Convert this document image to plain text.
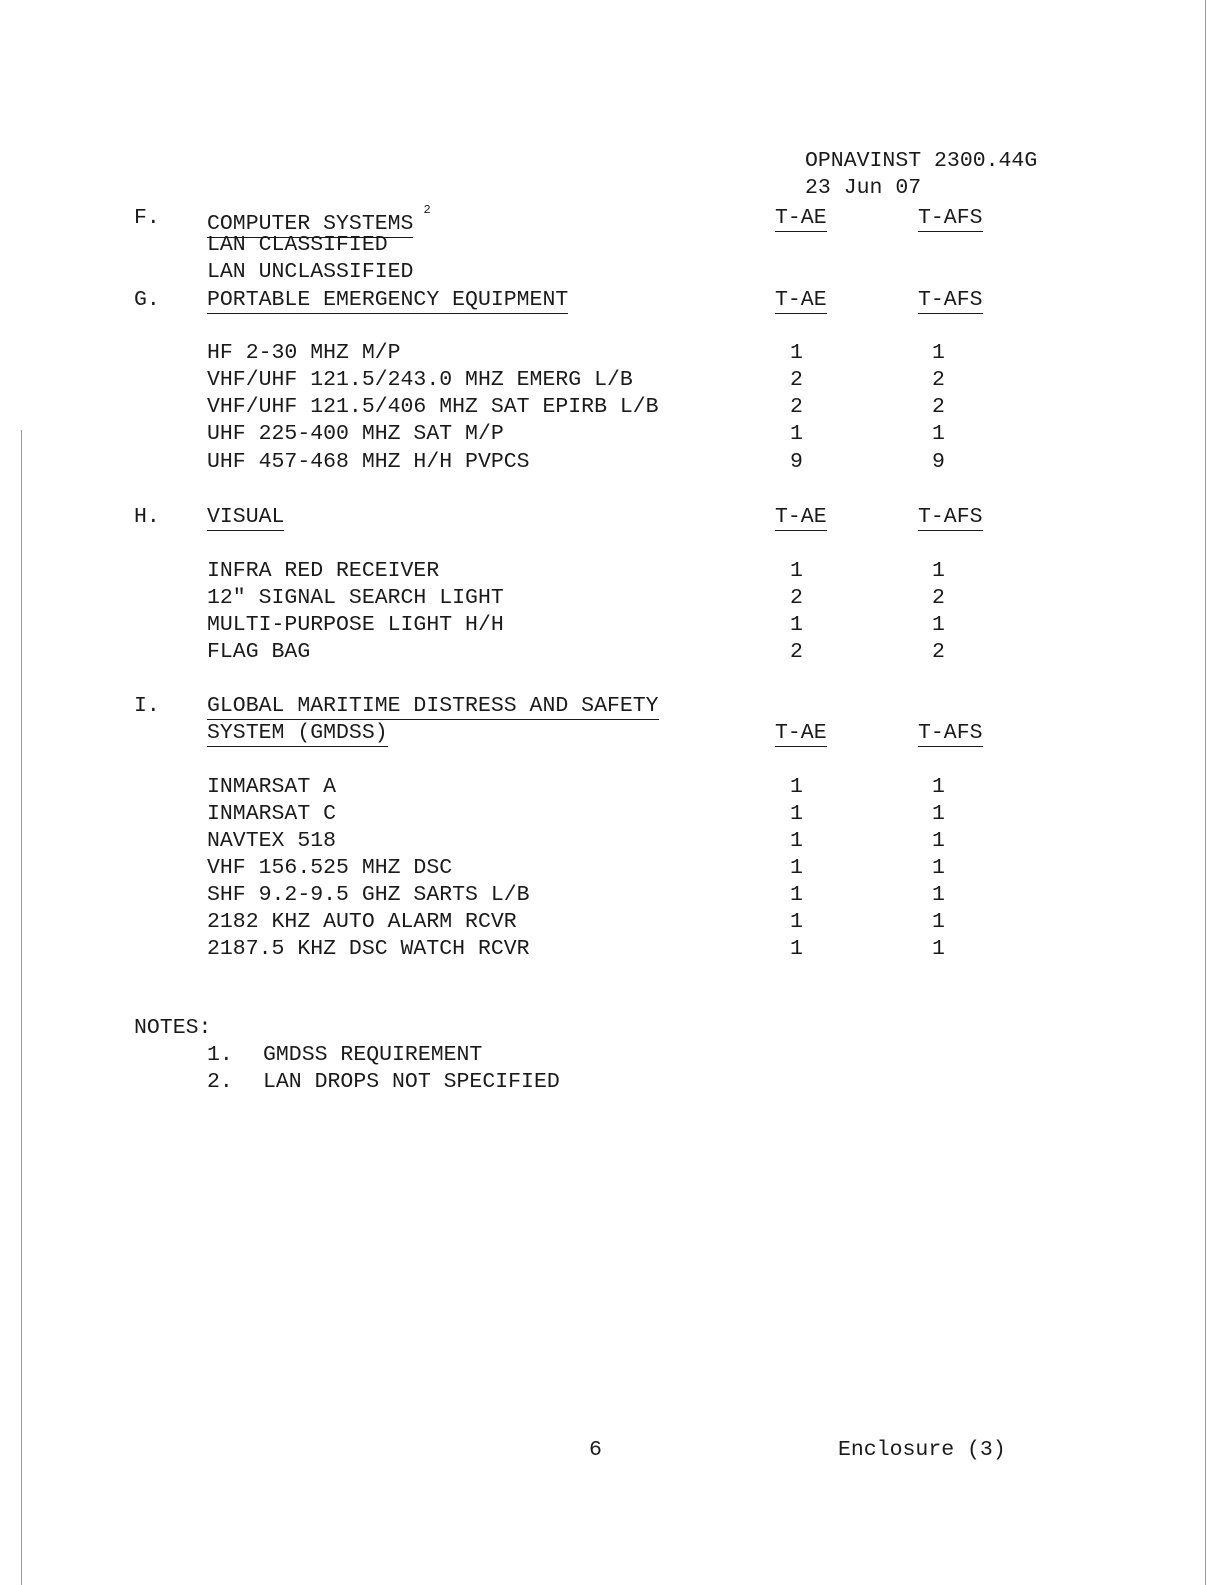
OPNAVINST 2300.44G
23 Jun 07
F. COMPUTER SYSTEMS$^2$	T-AE	T-AFS
LAN CLASSIFIED
LAN UNCLASSIFIED
G. PORTABLE EMERGENCY EQUIPMENT	T-AE	T-AFS
HF 2-30 MHZ M/P	1	1
VHF/UHF 121.5/243.0 MHZ EMERG L/B	2	2
VHF/UHF 121.5/406 MHZ SAT EPIRB L/B	2	2
UHF 225-400 MHZ SAT M/P	1	1
UHF 457-468 MHZ H/H PVPCS	9	9
H. VISUAL	T-AE	T-AFS
INFRA RED RECEIVER	1	1
12″ SIGNAL SEARCH LIGHT	2	2
MULTI-PURPOSE LIGHT H/H	1	1
FLAG BAG	2	2
I. GLOBAL MARITIME DISTRESS AND SAFETY
SYSTEM (GMDSS)	T-AE	T-AFS
INMARSAT A	1	1
INMARSAT C	1	1
NAVTEX 518	1	1
VHF 156.525 MHZ DSC	1	1
SHF 9.2-9.5 GHZ SARTS L/B	1	1
2182 KHZ AUTO ALARM RCVR	1	1
2187.5 KHZ DSC WATCH RCVR	1	1
NOTES:
1. GMDSS REQUIREMENT
2. LAN DROPS NOT SPECIFIED
6	Enclosure (3)
